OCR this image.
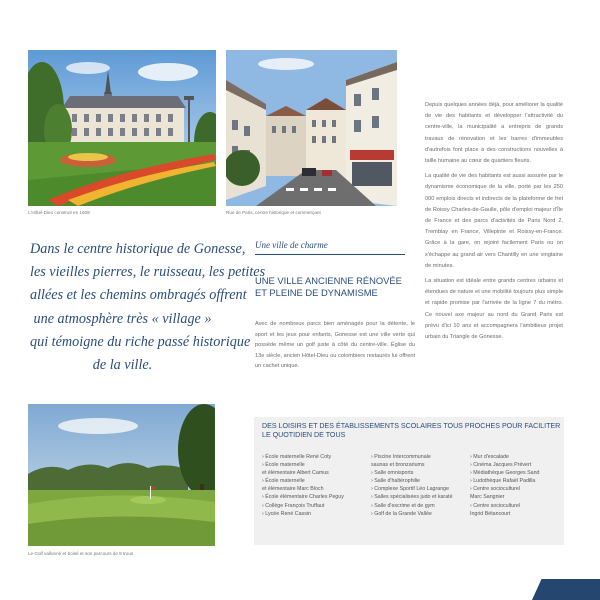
L'Hôtel-Dieu construit en 1609	Rue de Paris, centre historique et commerçant

Depuis quelques années déjà, pour améliorer la qualité de vie des habitants et développer l'attractivité du centre-ville, la municipalité a entrepris de grands travaux de rénovation et les barres d'immeubles d'autrefois font place à des constructions nouvelles à taille humaine au cœur de quartiers fleuris.

La qualité de vie des habitants est aussi assurée par le dynamisme économique de la ville, porté par les 250 000 emplois directs et indirects de la plateforme de fret de Roissy Charles-de-Gaulle, pôle d'emploi majeur d'Île de France et des parcs d'activités de Paris Nord 2, Tremblay en France, Villepinte et Roissy-en-France. Grâce à la gare, on rejoint facilement Paris ou on s'échappe au grand air vers Chantilly en une vingtaine de minutes.

La situation est idéale entre grands centres urbains et étendues de nature et une mobilité toujours plus simple et rapide promise par l'arrivée de la ligne 7 du métro. Ce nouvel axe majeur au nord du Grand Paris est prévu d'ici 10 ans et accompagnera l'ambitieux projet urbain du Triangle de Gonesse.

Dans le centre historique de Gonesse,
les vieilles pierres, le ruisseau, les petites
allées et les chemins ombragés offrent
une atmosphère très « village »
qui témoigne du riche passé historique
de la ville.
Une ville de charme
UNE VILLE ANCIENNE RÉNOVÉE
ET PLEINE DE DYNAMISME
Avec de nombreux parcs bien aménagés pour la détente, le sport et les jeux pour enfants, Gonesse est une ville verte qui possède même un golf juste à côté du centre-ville. Église du 13e siècle, ancien Hôtel-Dieu ou colombiers restaurés lui offrent un cachet unique.
Le Golf vallonné et boisé et son parcours de 9 trous
DES LOISIRS ET DES ÉTABLISSEMENTS SCOLAIRES TOUS PROCHES POUR FACILITER
LE QUOTIDIEN DE TOUS
› École maternelle René Coty
› École maternelle
et élémentaire Albert Camus
› École maternelle
et élémentaire Marc Bloch
› École élémentaire Charles Peguy
› Collège François Truffaut
› Lycée René Cassin
› Piscine Intercommunale
saunas et bronzariums
› Salle omnisports
› Salle d'haltérophilie
› Complexe Sportif Léo Lagrange
› Salles spécialisées judo et karaté
› Salle d'escrime et de gym
› Golf de la Grande Vallée
› Mur d'escalade
› Cinéma Jacques Prévert
› Médiathèque Georges Sand
› Ludothèque Rafaël Padilla
› Centre socioculturel
Marc Sangnier
› Centre socioculturel
Ingrid Bétancourt
